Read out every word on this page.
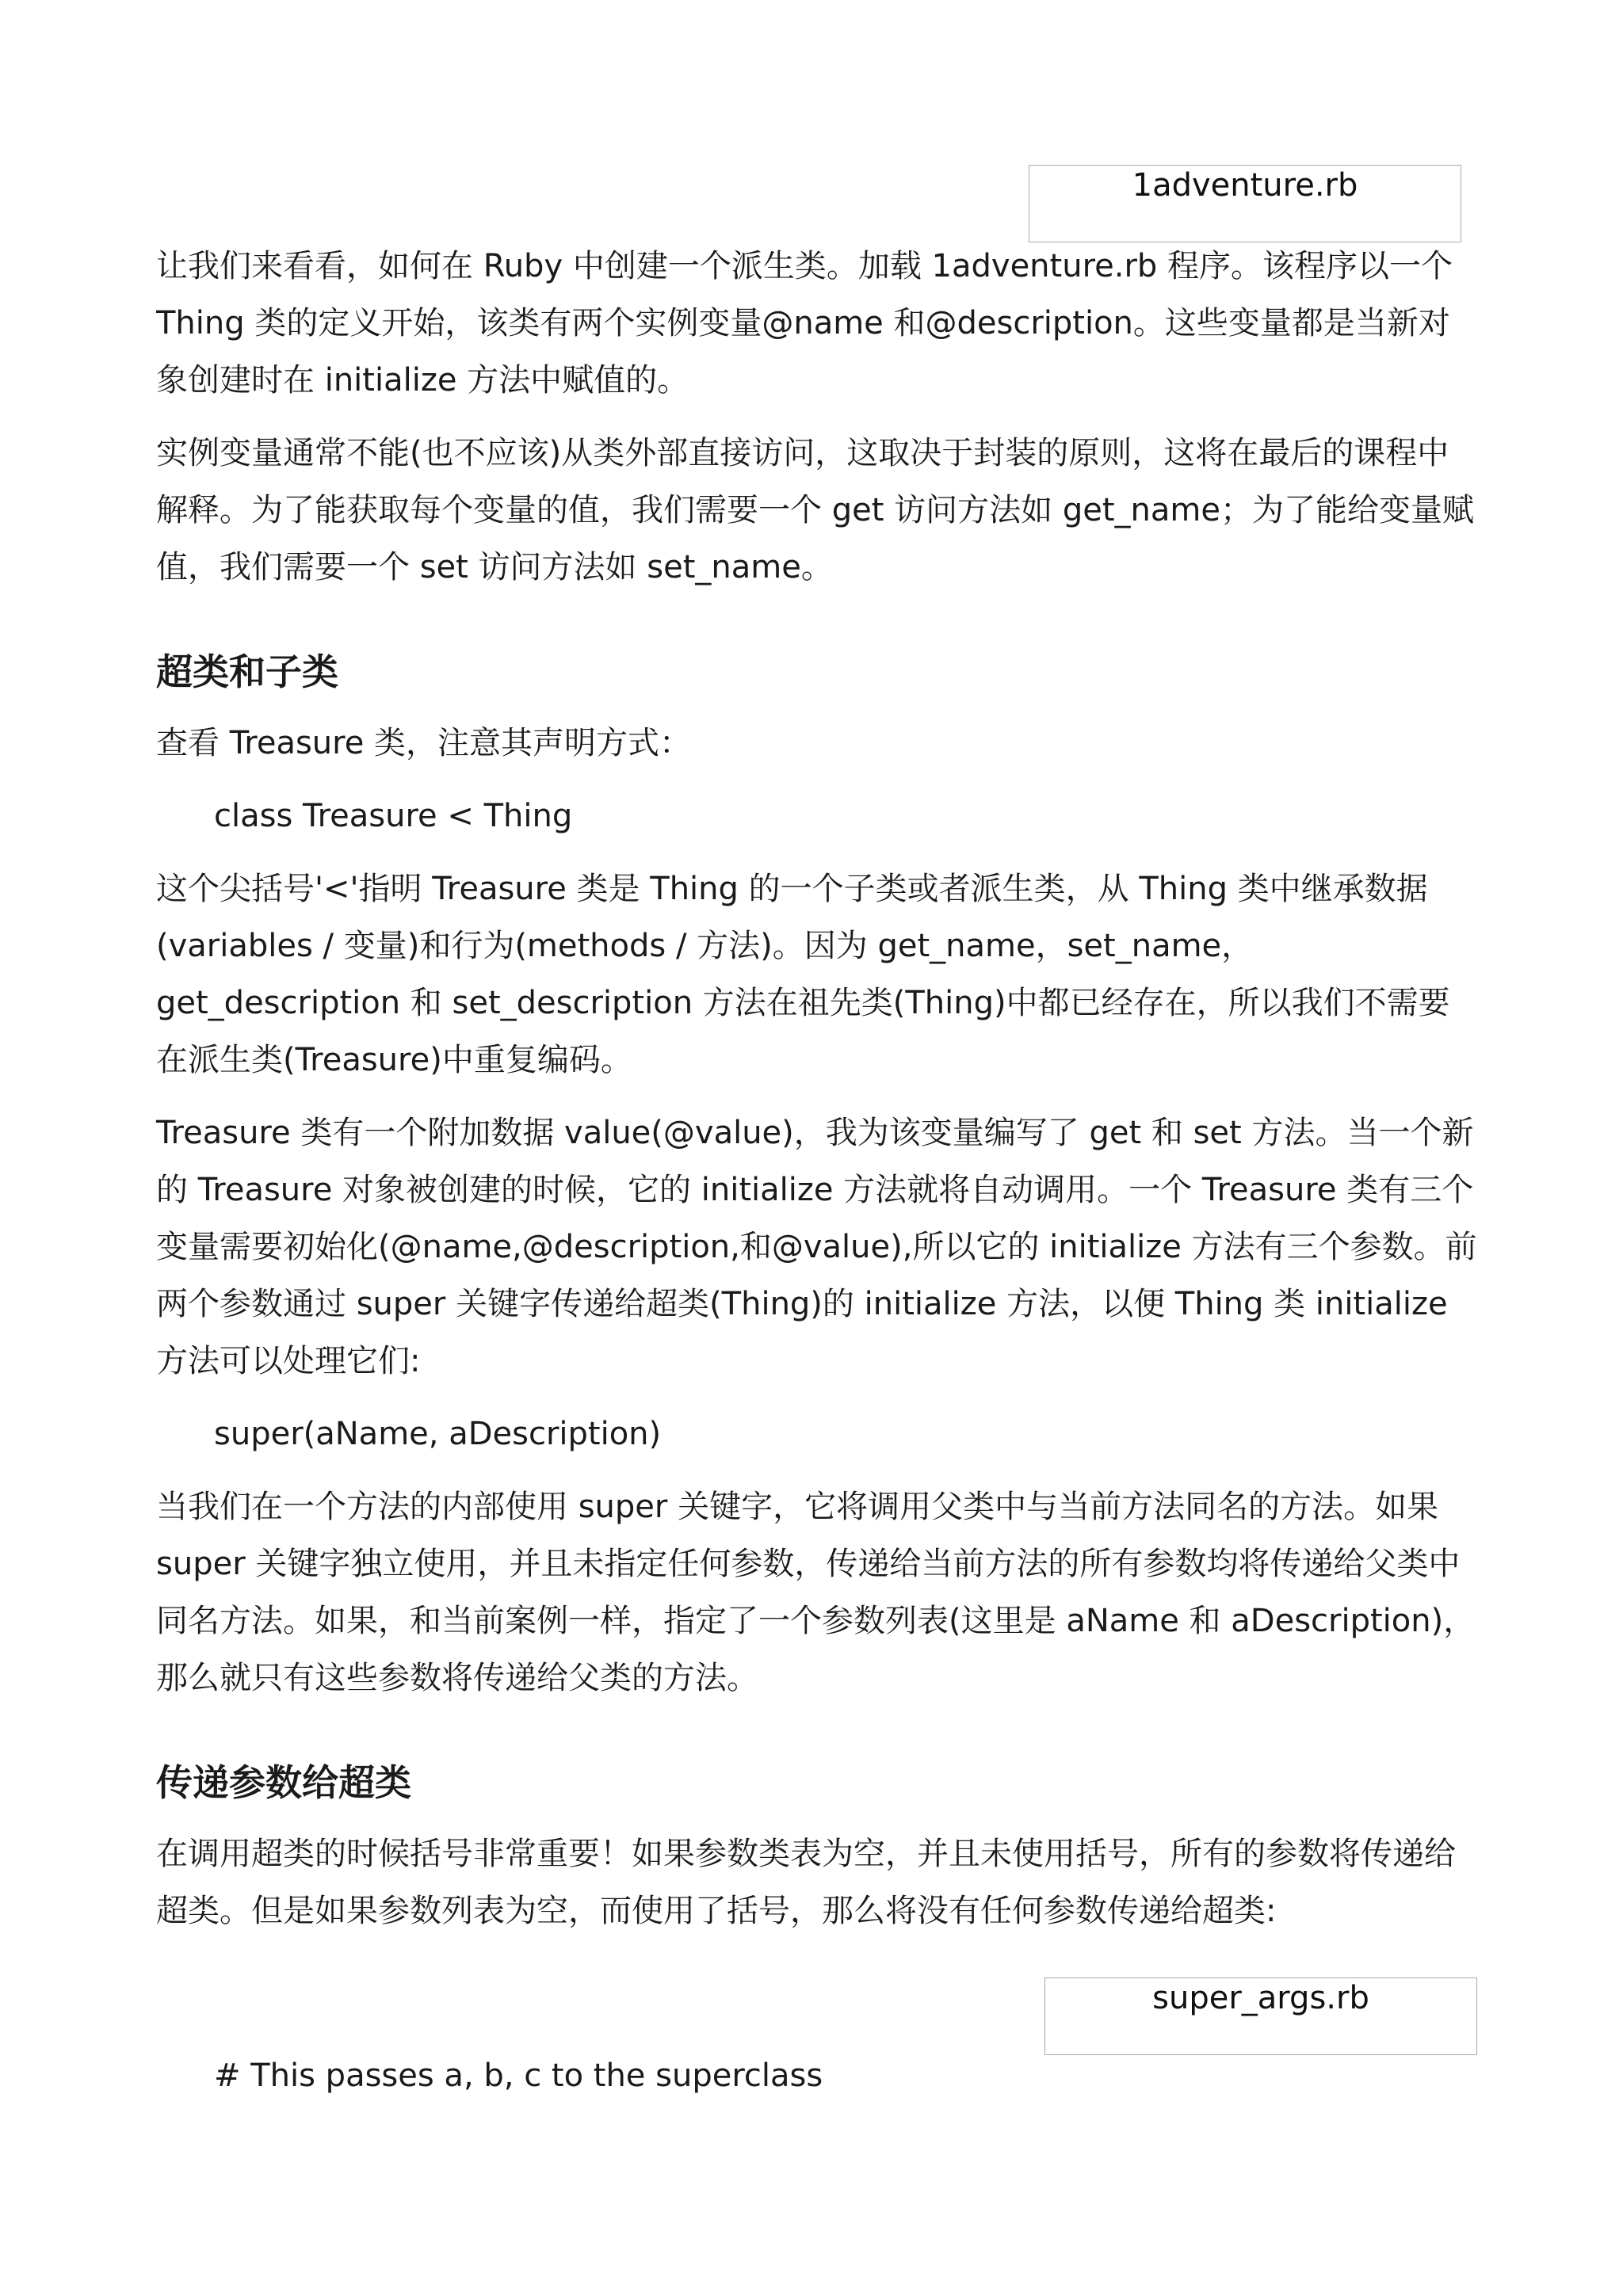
1adventure.rb

让我们来看看，如何在 Ruby 中创建一个派生类。加载 1adventure.rb 程序。该程序以一个 Thing 类的定义开始，该类有两个实例变量@name 和@description。这些变量都是当新对象创建时在 initialize 方法中赋值的。

实例变量通常不能(也不应该)从类外部直接访问，这取决于封装的原则，这将在最后的课程中解释。为了能获取每个变量的值，我们需要一个 get 访问方法如 get_name；为了能给变量赋值，我们需要一个 set 访问方法如 set_name。

超类和子类

查看 Treasure 类，注意其声明方式：

class Treasure < Thing

这个尖括号'<'指明 Treasure 类是 Thing 的一个子类或者派生类，从 Thing 类中继承数据(variables / 变量)和行为(methods / 方法)。因为 get_name，set_name，get_description 和 set_description 方法在祖先类(Thing)中都已经存在，所以我们不需要在派生类(Treasure)中重复编码。

Treasure 类有一个附加数据 value(@value)，我为该变量编写了 get 和 set 方法。当一个新的 Treasure 对象被创建的时候，它的 initialize 方法就将自动调用。一个 Treasure 类有三个变量需要初始化(@name,@description,和@value),所以它的 initialize 方法有三个参数。前两个参数通过 super 关键字传递给超类(Thing)的 initialize 方法，以便 Thing 类 initialize 方法可以处理它们:

super(aName, aDescription)

当我们在一个方法的内部使用 super 关键字，它将调用父类中与当前方法同名的方法。如果 super 关键字独立使用，并且未指定任何参数，传递给当前方法的所有参数均将传递给父类中同名方法。如果，和当前案例一样，指定了一个参数列表(这里是 aName 和 aDescription)，那么就只有这些参数将传递给父类的方法。

传递参数给超类

在调用超类的时候括号非常重要！如果参数类表为空，并且未使用括号，所有的参数将传递给超类。但是如果参数列表为空，而使用了括号，那么将没有任何参数传递给超类:

super_args.rb
# This passes a, b, c to the superclass
